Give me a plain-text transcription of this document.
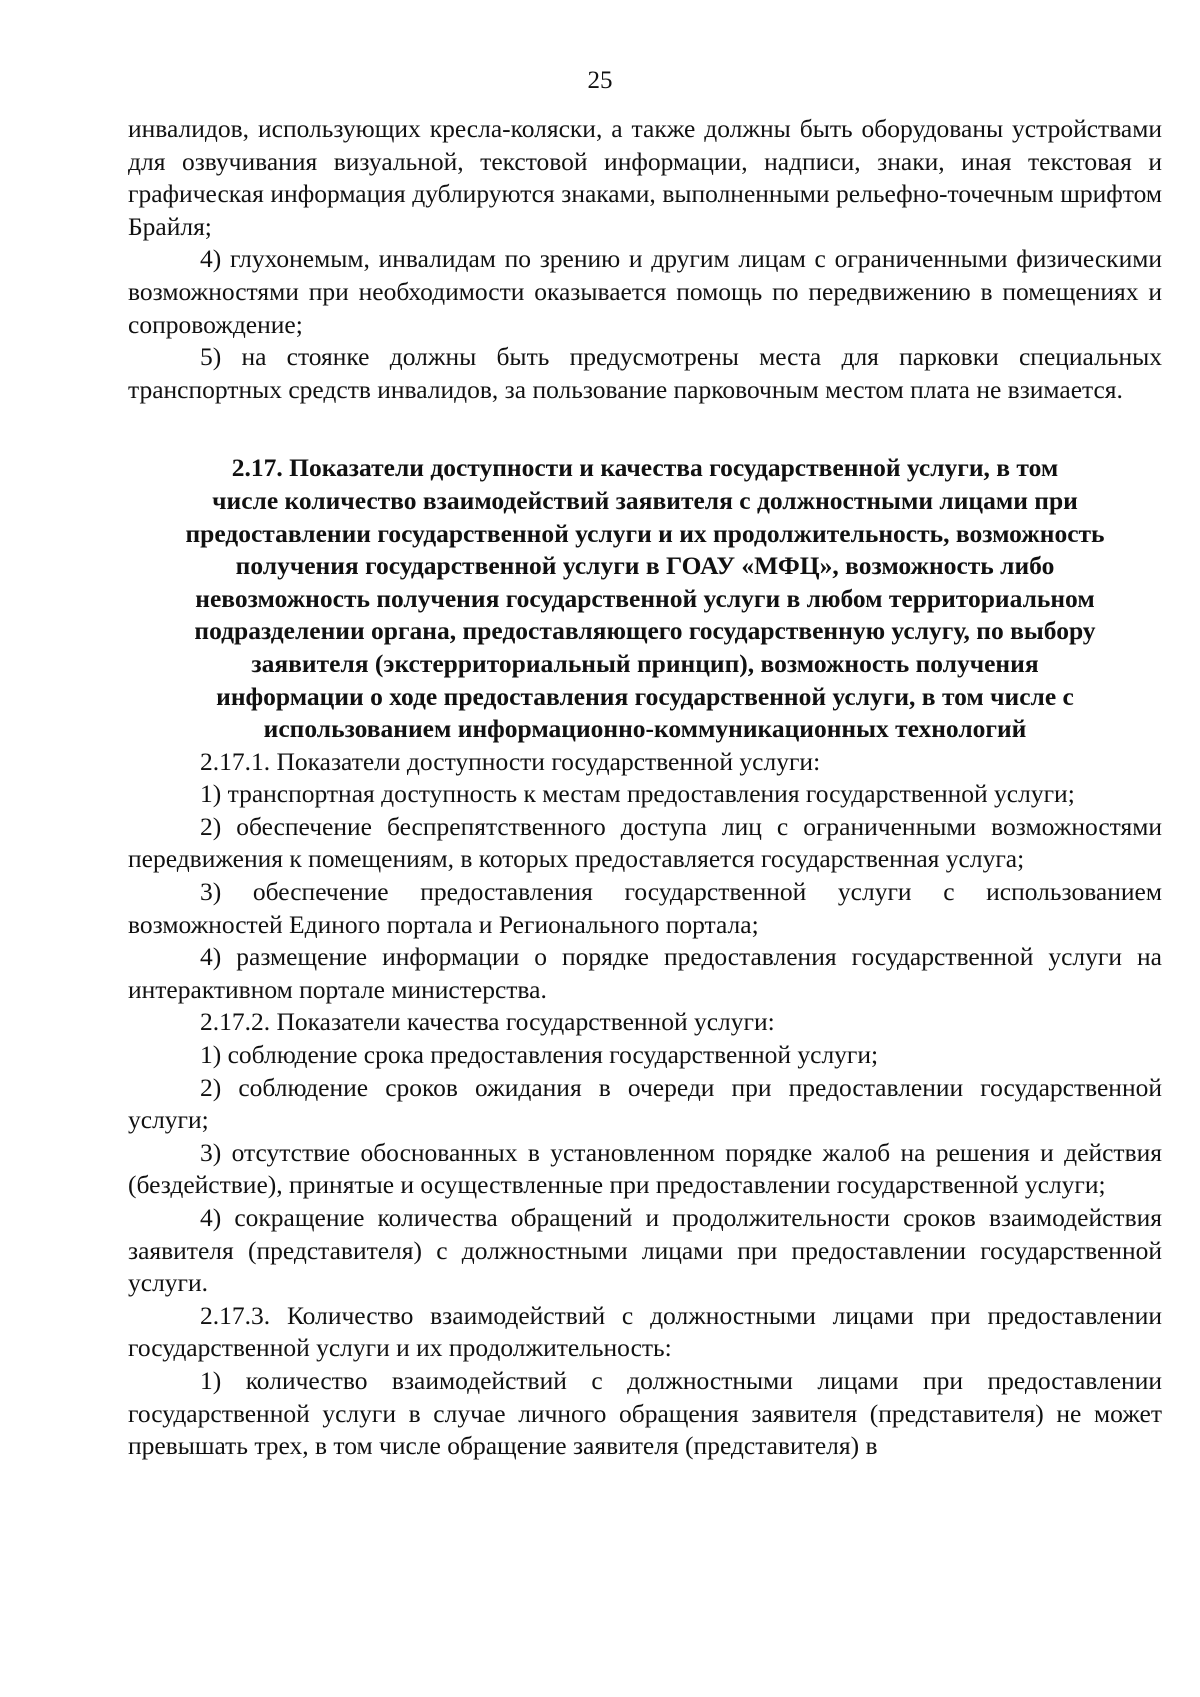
25

инвалидов, использующих кресла-коляски, а также должны быть оборудованы устройствами для озвучивания визуальной, текстовой информации, надписи, знаки, иная текстовая и графическая информация дублируются знаками, выполненными рельефно-точечным шрифтом Брайля;

4) глухонемым, инвалидам по зрению и другим лицам с ограниченными физическими возможностями при необходимости оказывается помощь по передвижению в помещениях и сопровождение;

5) на стоянке должны быть предусмотрены места для парковки специальных транспортных средств инвалидов, за пользование парковочным местом плата не взимается.

2.17. Показатели доступности и качества государственной услуги, в том
числе количество взаимодействий заявителя с должностными лицами при
предоставлении государственной услуги и их продолжительность, возможность
получения государственной услуги в ГОАУ «МФЦ», возможность либо
невозможность получения государственной услуги в любом территориальном
подразделении органа, предоставляющего государственную услугу, по выбору
заявителя (экстерриториальный принцип), возможность получения
информации о ходе предоставления государственной услуги, в том числе с
использованием информационно-коммуникационных технологий

2.17.1. Показатели доступности государственной услуги:

1) транспортная доступность к местам предоставления государственной услуги;

2) обеспечение беспрепятственного доступа лиц с ограниченными возможностями передвижения к помещениям, в которых предоставляется государственная услуга;

3) обеспечение предоставления государственной услуги с использованием возможностей Единого портала и Регионального портала;

4) размещение информации о порядке предоставления государственной услуги на интерактивном портале министерства.

2.17.2. Показатели качества государственной услуги:

1) соблюдение срока предоставления государственной услуги;

2) соблюдение сроков ожидания в очереди при предоставлении государственной услуги;

3) отсутствие обоснованных в установленном порядке жалоб на решения и действия (бездействие), принятые и осуществленные при предоставлении государственной услуги;

4) сокращение количества обращений и продолжительности сроков взаимодействия заявителя (представителя) с должностными лицами при предоставлении государственной услуги.

2.17.3. Количество взаимодействий с должностными лицами при предоставлении государственной услуги и их продолжительность:

1) количество взаимодействий с должностными лицами при предоставлении государственной услуги в случае личного обращения заявителя (представителя) не может превышать трех, в том числе обращение заявителя (представителя) в
